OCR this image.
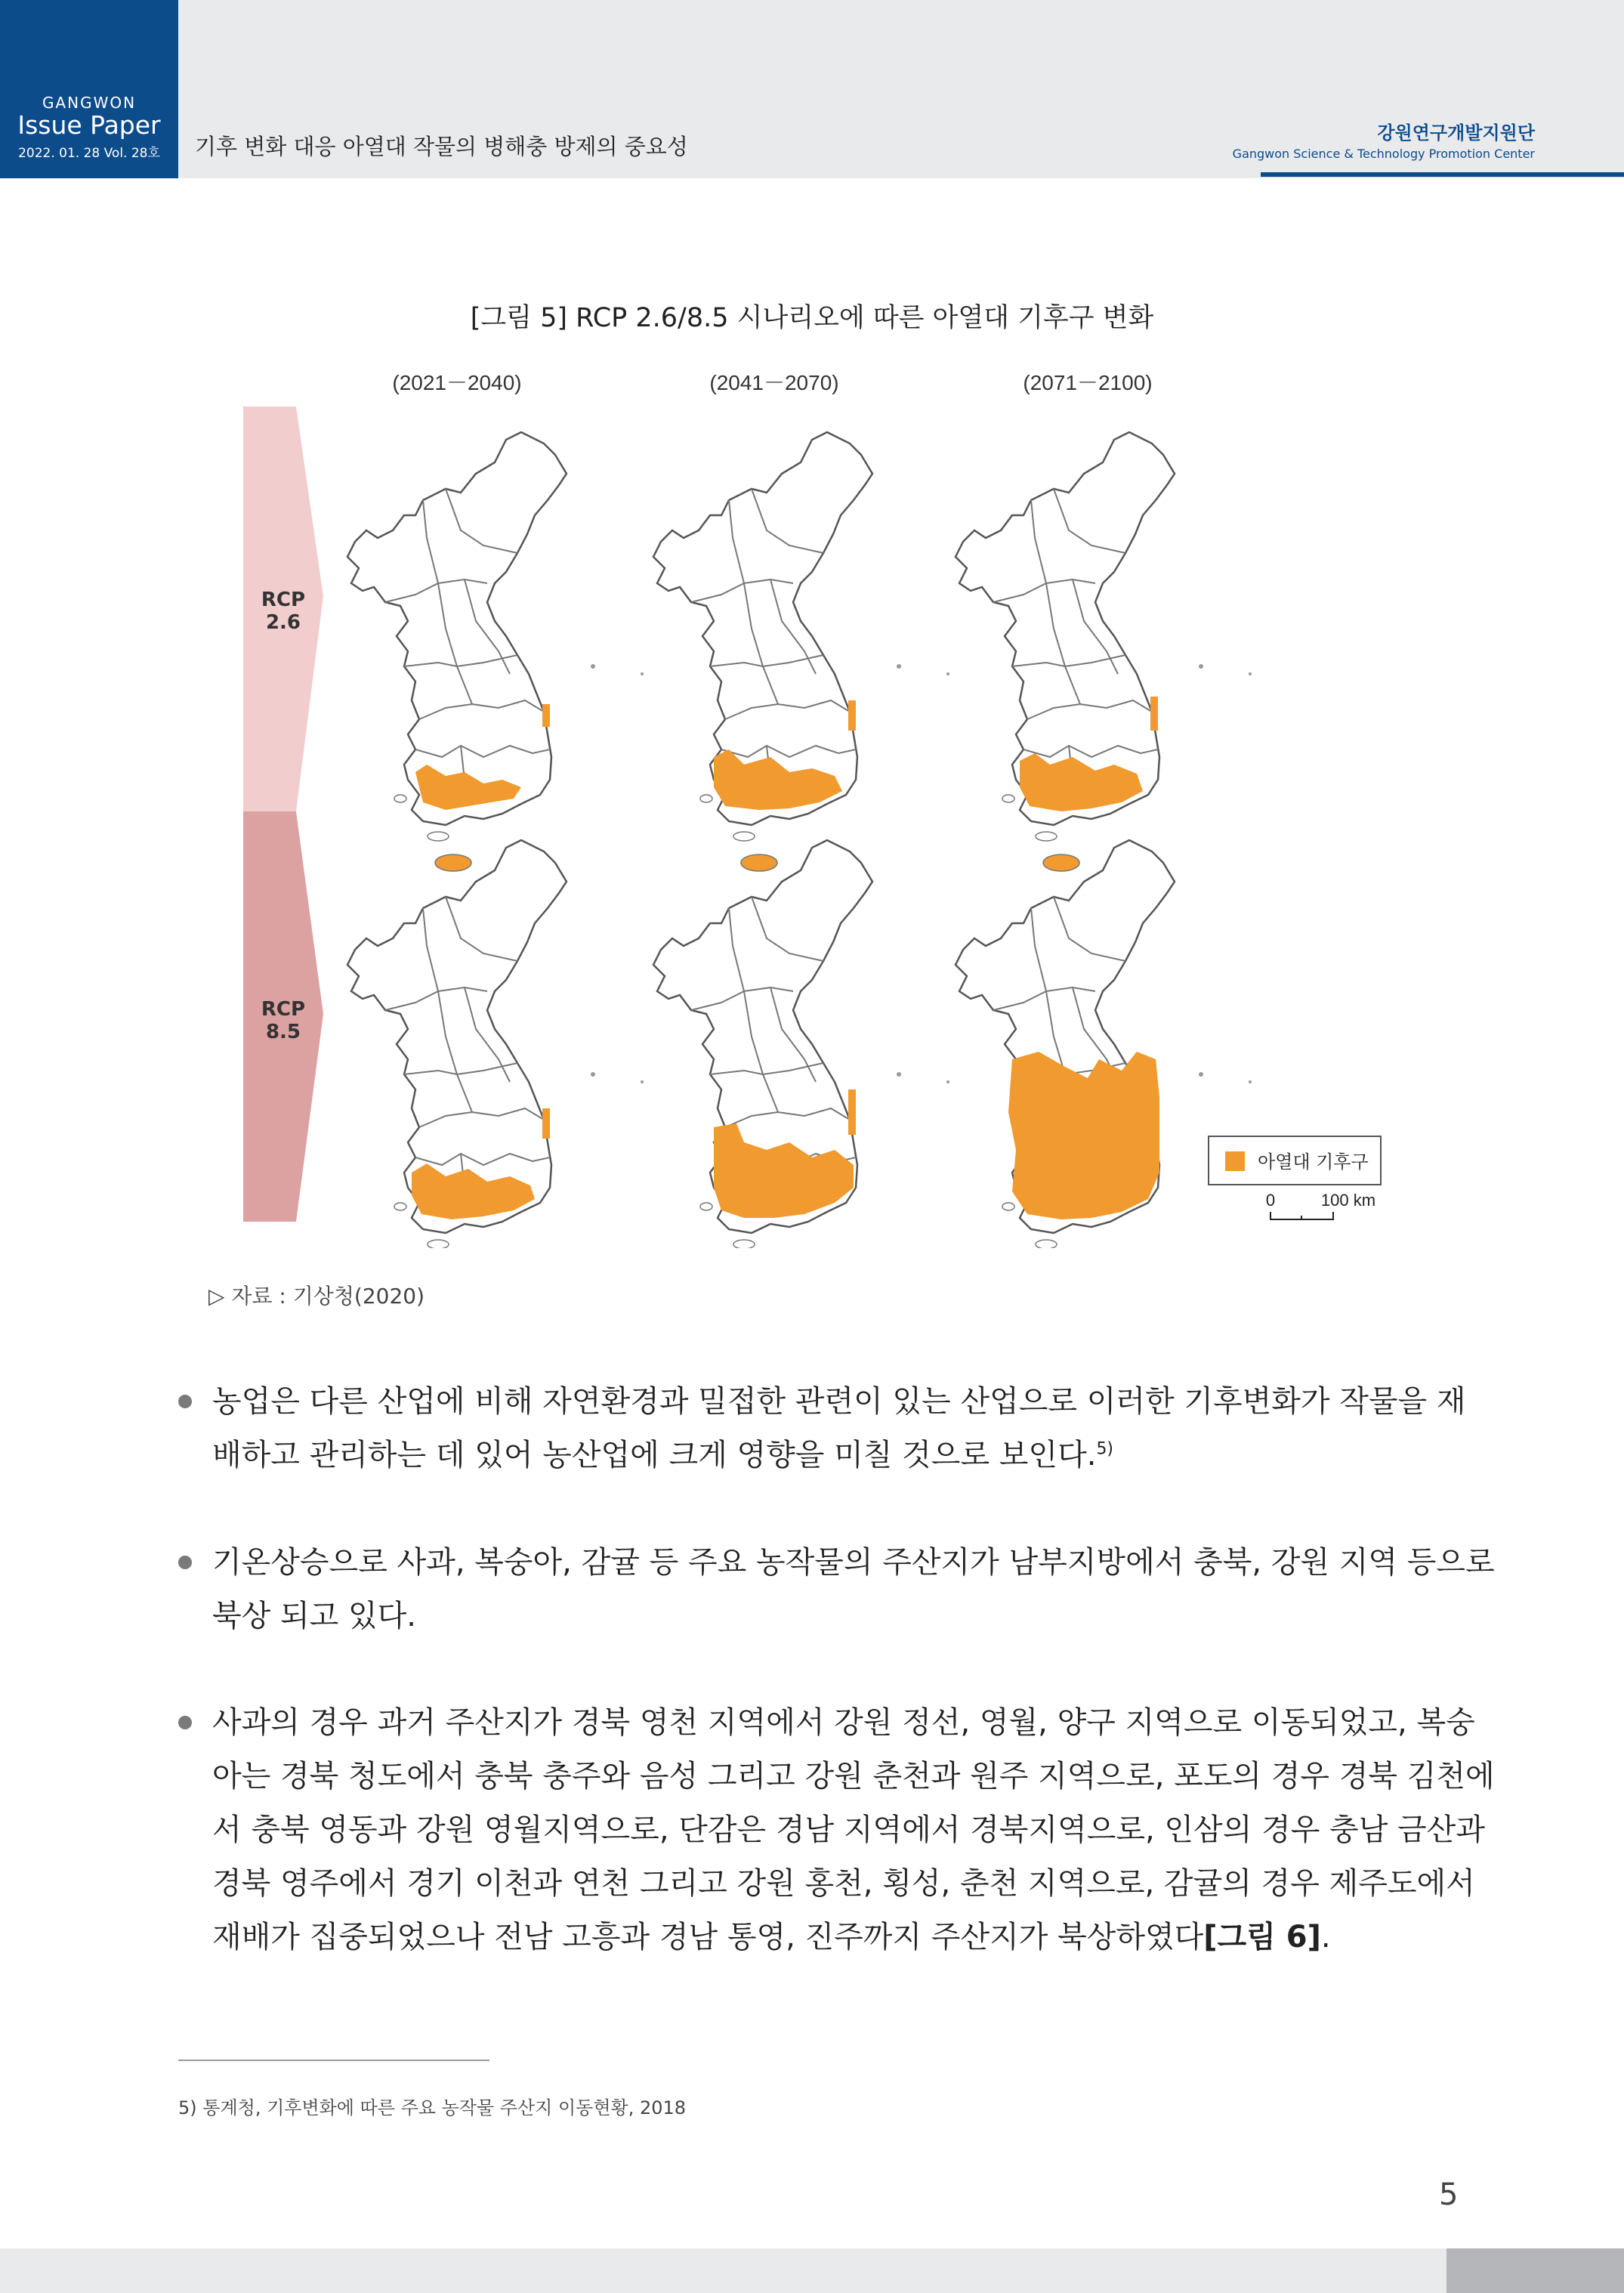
GANGWON
Issue Paper
2022. 01. 28 Vol. 28호	기후 변화 대응 아열대 작물의 병해충 방제의 중요성
강원연구개발지원단
Gangwon Science & Technology Promotion Center
[그림 5] RCP 2.6/8.5 시나리오에 따른 아열대 기후구 변화
(2021－2040)	(2041－2070)	(2071－2100)
RCP
2.6
RCP
8.5
아열대 기후구
0	100 km
▷ 자료 : 기상청(2020)
농업은 다른 산업에 비해 자연환경과 밀접한 관련이 있는 산업으로 이러한 기후변화가 작물을 재
배하고 관리하는 데 있어 농산업에 크게 영향을 미칠 것으로 보인다.$^{5)}$
기온상승으로 사과, 복숭아, 감귤 등 주요 농작물의 주산지가 남부지방에서 충북, 강원 지역 등으로
북상 되고 있다.
사과의 경우 과거 주산지가 경북 영천 지역에서 강원 정선, 영월, 양구 지역으로 이동되었고, 복숭
아는 경북 청도에서 충북 충주와 음성 그리고 강원 춘천과 원주 지역으로, 포도의 경우 경북 김천에
서 충북 영동과 강원 영월지역으로, 단감은 경남 지역에서 경북지역으로, 인삼의 경우 충남 금산과
경북 영주에서 경기 이천과 연천 그리고 강원 홍천, 횡성, 춘천 지역으로, 감귤의 경우 제주도에서
재배가 집중되었으나 전남 고흥과 경남 통영, 진주까지 주산지가 북상하였다[그림 6].
5) 통계청, 기후변화에 따른 주요 농작물 주산지 이동현황, 2018
5
